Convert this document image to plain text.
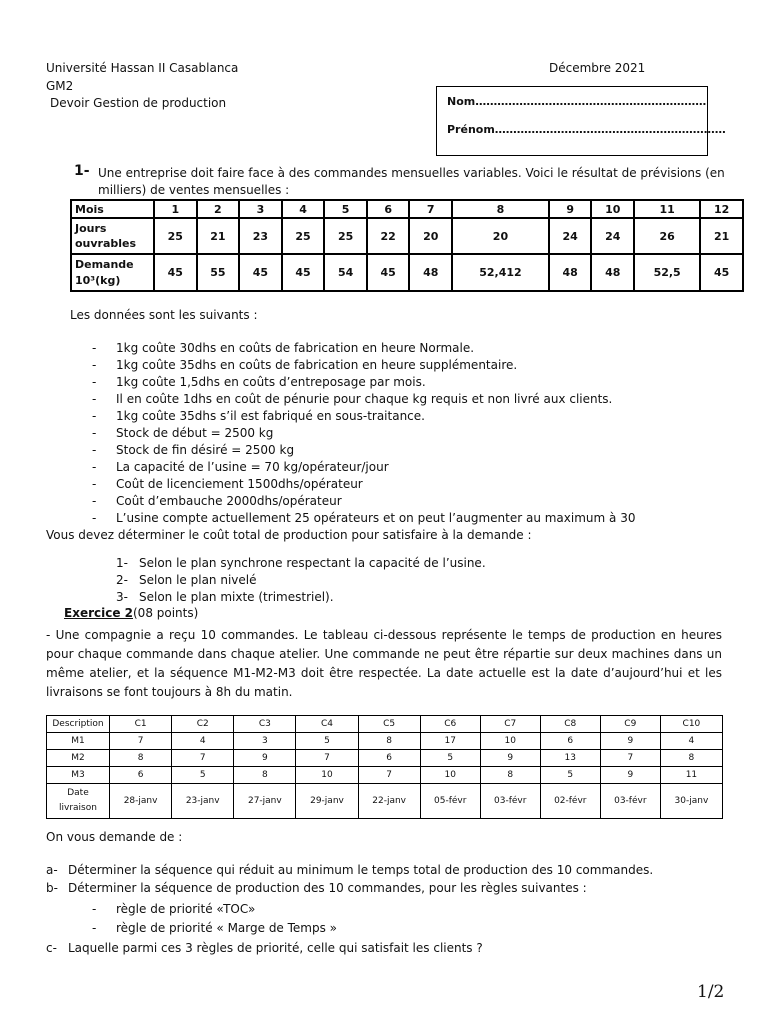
Université Hassan II Casablanca	Décembre 2021
GM2
Devoir Gestion de production	Nom………………………………………………………
Prénom………………………………………………………
1- Une entreprise doit faire face à des commandes mensuelles variables. Voici le résultat de prévisions (en
milliers) de ventes mensuelles :
Mois	1	2	3	4	5	6	7	8	9	10	11	12
Jours ouvrables	25	21	23	25	25	22	20	20	24	24	26	21
Demande 10³(kg)	45	55	45	45	54	45	48	52,412	48	48	52,5	45
Les données sont les suivants :
- 1kg coûte 30dhs en coûts de fabrication en heure Normale.
- 1kg coûte 35dhs en coûts de fabrication en heure supplémentaire.
- 1kg coûte 1,5dhs en coûts d’entreposage par mois.
- Il en coûte 1dhs en coût de pénurie pour chaque kg requis et non livré aux clients.
- 1kg coûte 35dhs s’il est fabriqué en sous-traitance.
- Stock de début = 2500 kg
- Stock de fin désiré = 2500 kg
- La capacité de l’usine = 70 kg/opérateur/jour
- Coût de licenciement 1500dhs/opérateur
- Coût d’embauche 2000dhs/opérateur
- L’usine compte actuellement 25 opérateurs et on peut l’augmenter au maximum à 30
Vous devez déterminer le coût total de production pour satisfaire à la demande :
1- Selon le plan synchrone respectant la capacité de l’usine.
2- Selon le plan nivelé
3- Selon le plan mixte (trimestriel).
Exercice 2(08 points)
- Une compagnie a reçu 10 commandes. Le tableau ci-dessous représente le temps de production en heures pour chaque commande dans chaque atelier. Une commande ne peut être répartie sur deux machines dans un même atelier, et la séquence M1-M2-M3 doit être respectée. La date actuelle est la date d’aujourd’hui et les livraisons se font toujours à 8h du matin.
Description	C1	C2	C3	C4	C5	C6	C7	C8	C9	C10
M1	7	4	3	5	8	17	10	6	9	4
M2	8	7	9	7	6	5	9	13	7	8
M3	6	5	8	10	7	10	8	5	9	11
Date
livraison	28-janv	23-janv	27-janv	29-janv	22-janv	05-févr	03-févr	02-févr	03-févr	30-janv
On vous demande de :
a- Déterminer la séquence qui réduit au minimum le temps total de production des 10 commandes.
b- Déterminer la séquence de production des 10 commandes, pour les règles suivantes :
- règle de priorité «TOC»
- règle de priorité « Marge de Temps »
c- Laquelle parmi ces 3 règles de priorité, celle qui satisfait les clients ?
1/2
